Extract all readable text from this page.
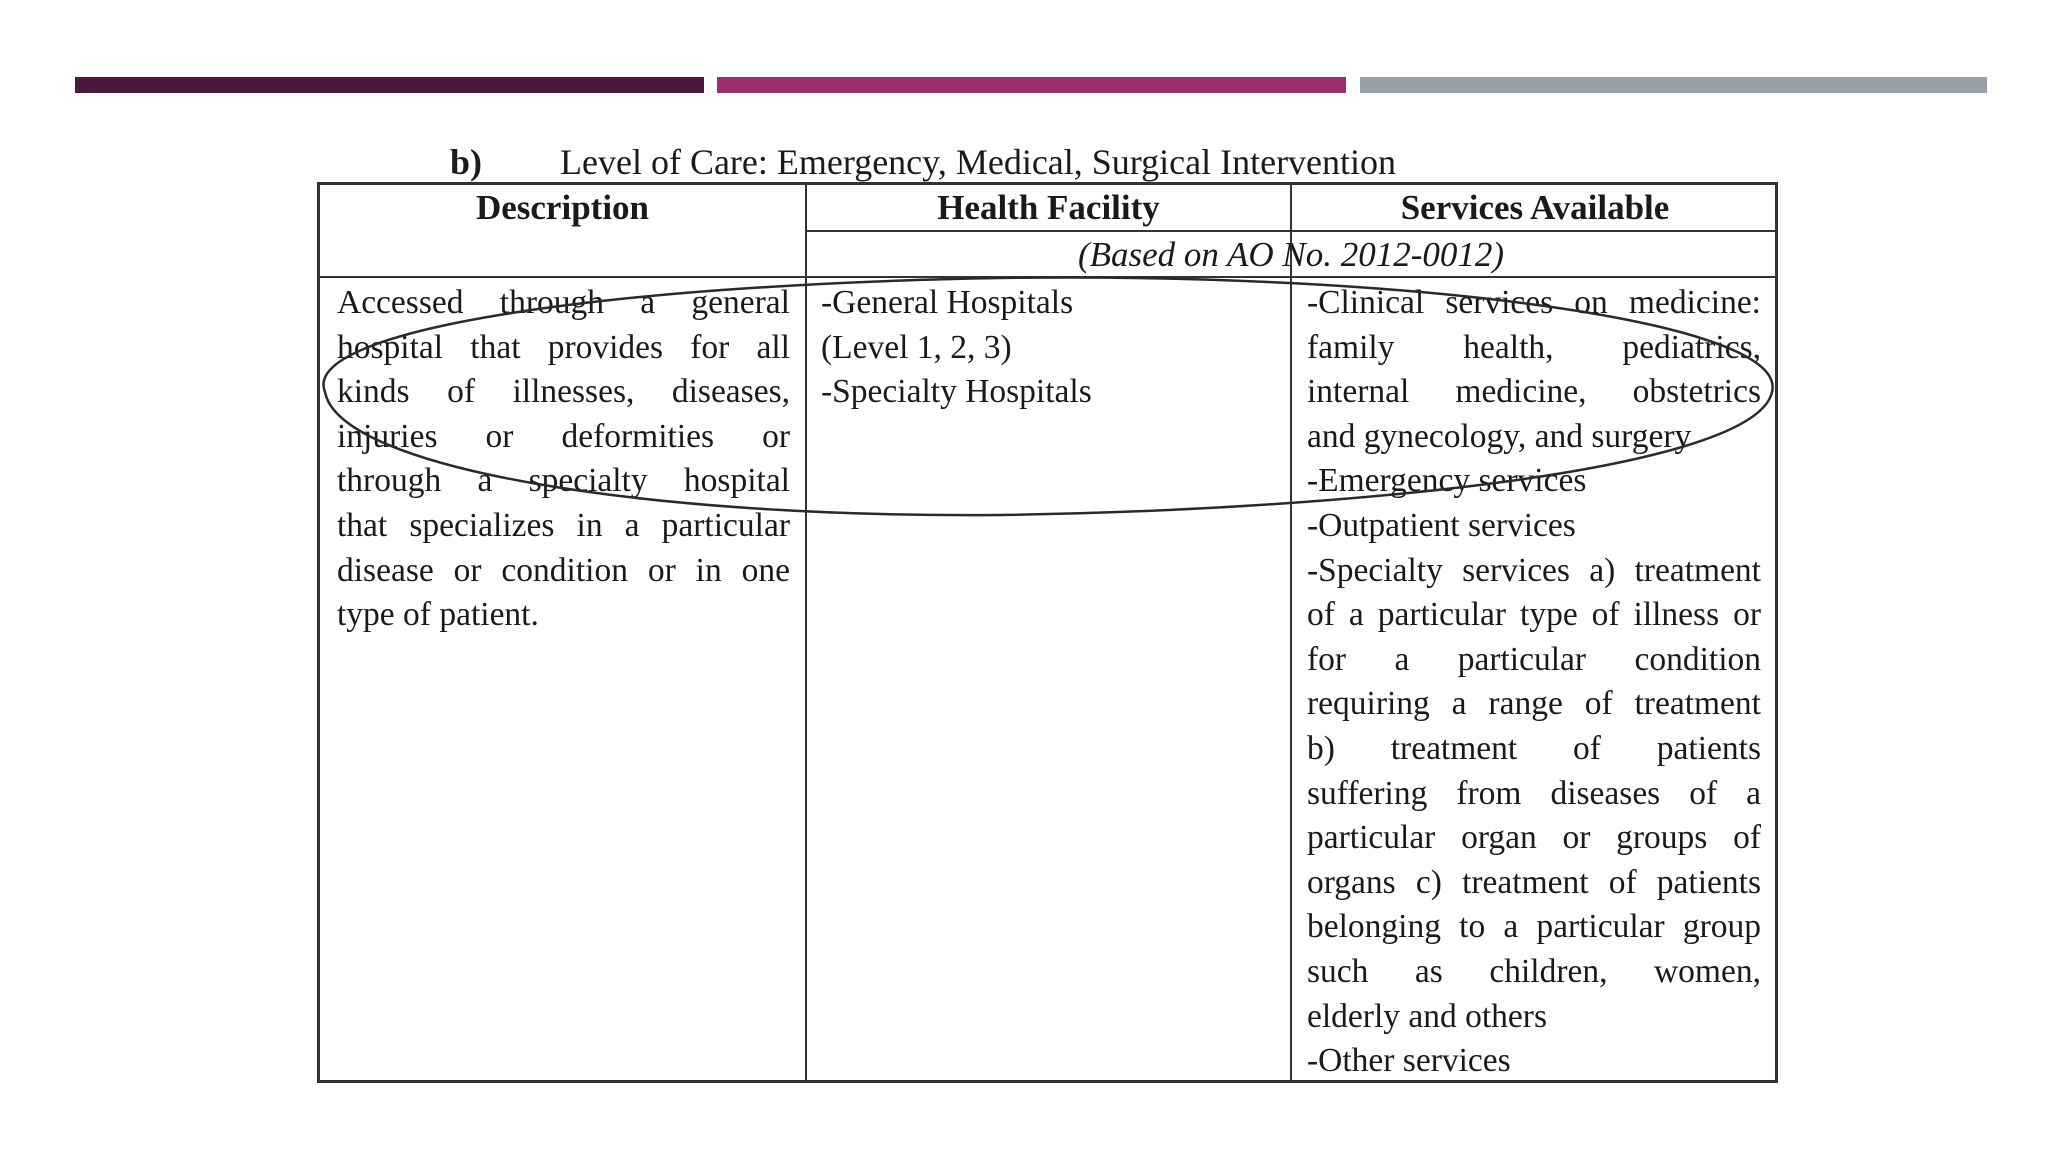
b) Level of Care: Emergency, Medical, Surgical Intervention
Description	Health Facility	Services Available
(Based on AO No. 2012-0012)
Accessed through a general
hospital that provides for all
kinds of illnesses, diseases,
injuries or deformities or
through a specialty hospital
that specializes in a particular
disease or condition or in one
type of patient.
-General Hospitals
(Level 1, 2, 3)
-Specialty Hospitals
-Clinical services on medicine:
family health, pediatrics,
internal medicine, obstetrics
and gynecology, and surgery
-Emergency services
-Outpatient services
-Specialty services a) treatment
of a particular type of illness or
for a particular condition
requiring a range of treatment
b) treatment of patients
suffering from diseases of a
particular organ or groups of
organs c) treatment of patients
belonging to a particular group
such as children, women,
elderly and others
-Other services
